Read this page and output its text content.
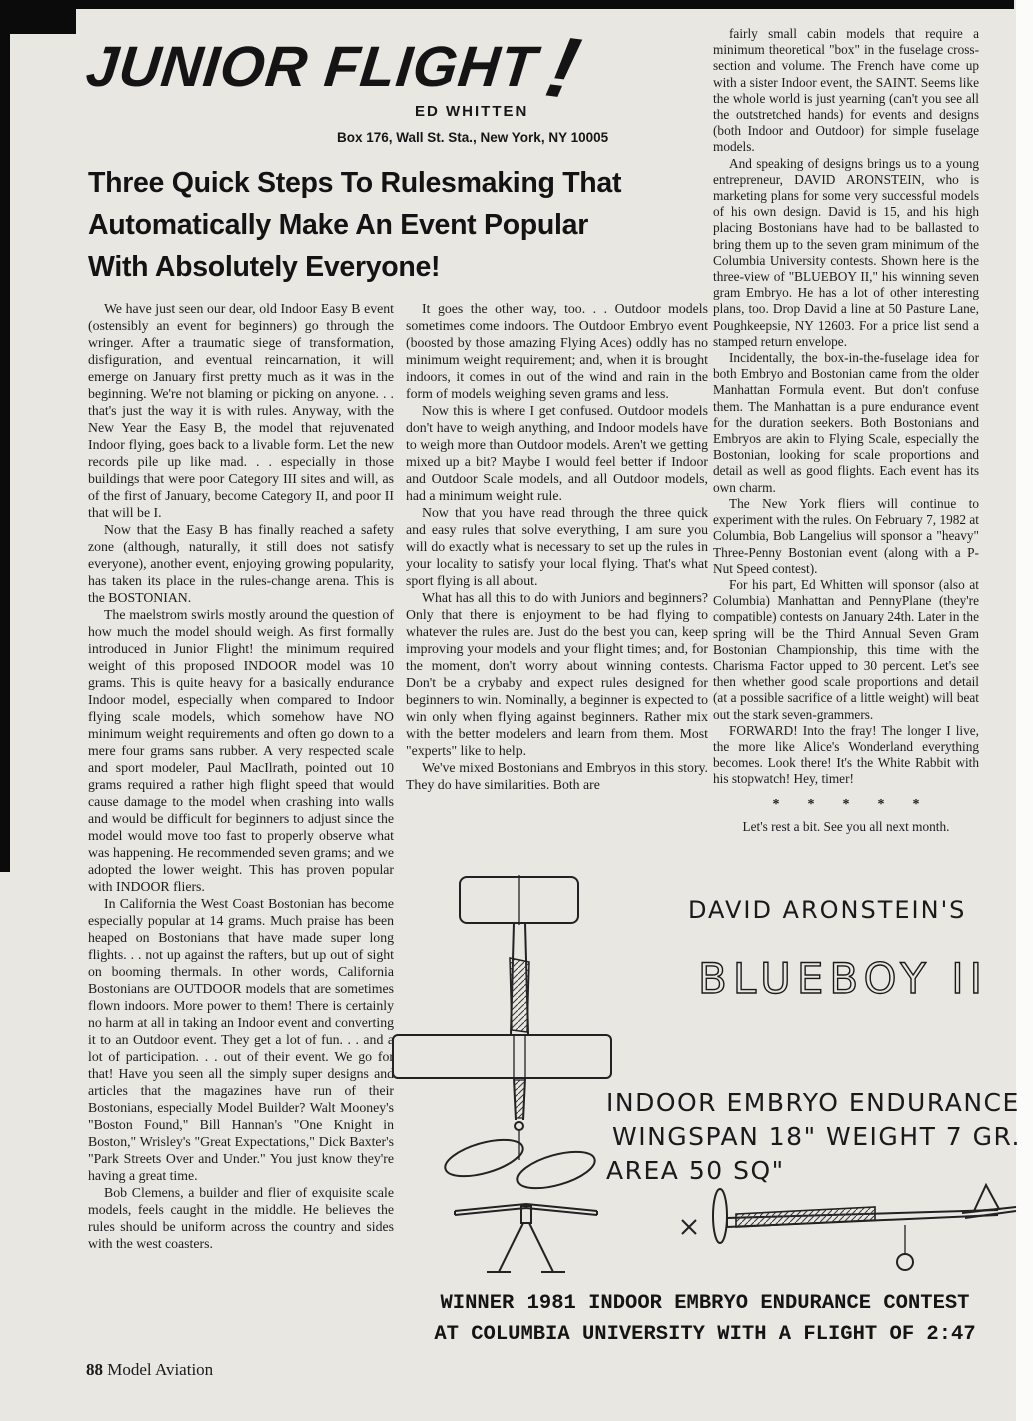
JUNIOR FLIGHT!
ED WHITTEN
Box 176, Wall St. Sta., New York, NY 10005
Three Quick Steps To Rulesmaking That
Automatically Make An Event Popular
With Absolutely Everyone!

We have just seen our dear, old Indoor Easy B event (ostensibly an event for beginners) go through the wringer. After a traumatic siege of transformation, disfiguration, and eventual reincarnation, it will emerge on January first pretty much as it was in the beginning. We're not blaming or picking on anyone. . . that's just the way it is with rules. Anyway, with the New Year the Easy B, the model that rejuvenated Indoor flying, goes back to a livable form. Let the new records pile up like mad. . . especially in those buildings that were poor Category III sites and will, as of the first of January, become Category II, and poor II that will be I.

Now that the Easy B has finally reached a safety zone (although, naturally, it still does not satisfy everyone), another event, enjoying growing popularity, has taken its place in the rules-change arena. This is the BOSTONIAN.

The maelstrom swirls mostly around the question of how much the model should weigh. As first formally introduced in Junior Flight! the minimum required weight of this proposed INDOOR model was 10 grams. This is quite heavy for a basically endurance Indoor model, especially when compared to Indoor flying scale models, which somehow have NO minimum weight requirements and often go down to a mere four grams sans rubber. A very respected scale and sport modeler, Paul MacIlrath, pointed out 10 grams required a rather high flight speed that would cause damage to the model when crashing into walls and would be difficult for beginners to adjust since the model would move too fast to properly observe what was happening. He recommended seven grams; and we adopted the lower weight. This has proven popular with INDOOR fliers.

In California the West Coast Bostonian has become especially popular at 14 grams. Much praise has been heaped on Bostonians that have made super long flights. . . not up against the rafters, but up out of sight on booming thermals. In other words, California Bostonians are OUTDOOR models that are sometimes flown indoors. More power to them! There is certainly no harm at all in taking an Indoor event and converting it to an Outdoor event. They get a lot of fun. . . and a lot of participation. . . out of their event. We go for that! Have you seen all the simply super designs and articles that the magazines have run of their Bostonians, especially Model Builder? Walt Mooney's "Boston Found," Bill Hannan's "One Knight in Boston," Wrisley's "Great Expectations," Dick Baxter's "Park Streets Over and Under." You just know they're having a great time.

Bob Clemens, a builder and flier of exquisite scale models, feels caught in the middle. He believes the rules should be uniform across the country and sides with the west coasters.

It goes the other way, too. . . Outdoor models sometimes come indoors. The Outdoor Embryo event (boosted by those amazing Flying Aces) oddly has no minimum weight requirement; and, when it is brought indoors, it comes in out of the wind and rain in the form of models weighing seven grams and less.

Now this is where I get confused. Outdoor models don't have to weigh anything, and Indoor models have to weigh more than Outdoor models. Aren't we getting mixed up a bit? Maybe I would feel better if Indoor and Outdoor Scale models, and all Outdoor models, had a minimum weight rule.

Now that you have read through the three quick and easy rules that solve everything, I am sure you will do exactly what is necessary to set up the rules in your locality to satisfy your local flying. That's what sport flying is all about.

What has all this to do with Juniors and beginners? Only that there is enjoyment to be had flying to whatever the rules are. Just do the best you can, keep improving your models and your flight times; and, for the moment, don't worry about winning contests. Don't be a crybaby and expect rules designed for beginners to win. Nominally, a beginner is expected to win only when flying against beginners. Rather mix with the better modelers and learn from them. Most "experts" like to help.

We've mixed Bostonians and Embryos in this story. They do have similarities. Both are

fairly small cabin models that require a minimum theoretical "box" in the fuselage cross-section and volume. The French have come up with a sister Indoor event, the SAINT. Seems like the whole world is just yearning (can't you see all the outstretched hands) for events and designs (both Indoor and Outdoor) for simple fuselage models.

And speaking of designs brings us to a young entrepreneur, DAVID ARONSTEIN, who is marketing plans for some very successful models of his own design. David is 15, and his high placing Bostonians have had to be ballasted to bring them up to the seven gram minimum of the Columbia University contests. Shown here is the three-view of "BLUEBOY II," his winning seven gram Embryo. He has a lot of other interesting plans, too. Drop David a line at 50 Pasture Lane, Poughkeepsie, NY 12603. For a price list send a stamped return envelope.

Incidentally, the box-in-the-fuselage idea for both Embryo and Bostonian came from the older Manhattan Formula event. But don't confuse them. The Manhattan is a pure endurance event for the duration seekers. Both Bostonians and Embryos are akin to Flying Scale, especially the Bostonian, looking for scale proportions and detail as well as good flights. Each event has its own charm.

The New York fliers will continue to experiment with the rules. On February 7, 1982 at Columbia, Bob Langelius will sponsor a "heavy" Three-Penny Bostonian event (along with a P-Nut Speed contest).

For his part, Ed Whitten will sponsor (also at Columbia) Manhattan and PennyPlane (they're compatible) contests on January 24th. Later in the spring will be the Third Annual Seven Gram Bostonian Championship, this time with the Charisma Factor upped to 30 percent. Let's see then whether good scale proportions and detail (at a possible sacrifice of a little weight) will beat out the stark seven-grammers.

FORWARD! Into the fray! The longer I live, the more like Alice's Wonderland everything becomes. Look there! It's the White Rabbit with his stopwatch! Hey, timer!

*        *        *        *        *

Let's rest a bit. See you all next month.

DAVID ARONSTEIN'S
BLUEBOY II
INDOOR EMBRYO ENDURANCE
WINGSPAN 18" WEIGHT 7 GR.
AREA 50 SQ"
WINNER 1981 INDOOR EMBRYO ENDURANCE CONTEST
AT COLUMBIA UNIVERSITY WITH A FLIGHT OF 2:47
88 Model Aviation
